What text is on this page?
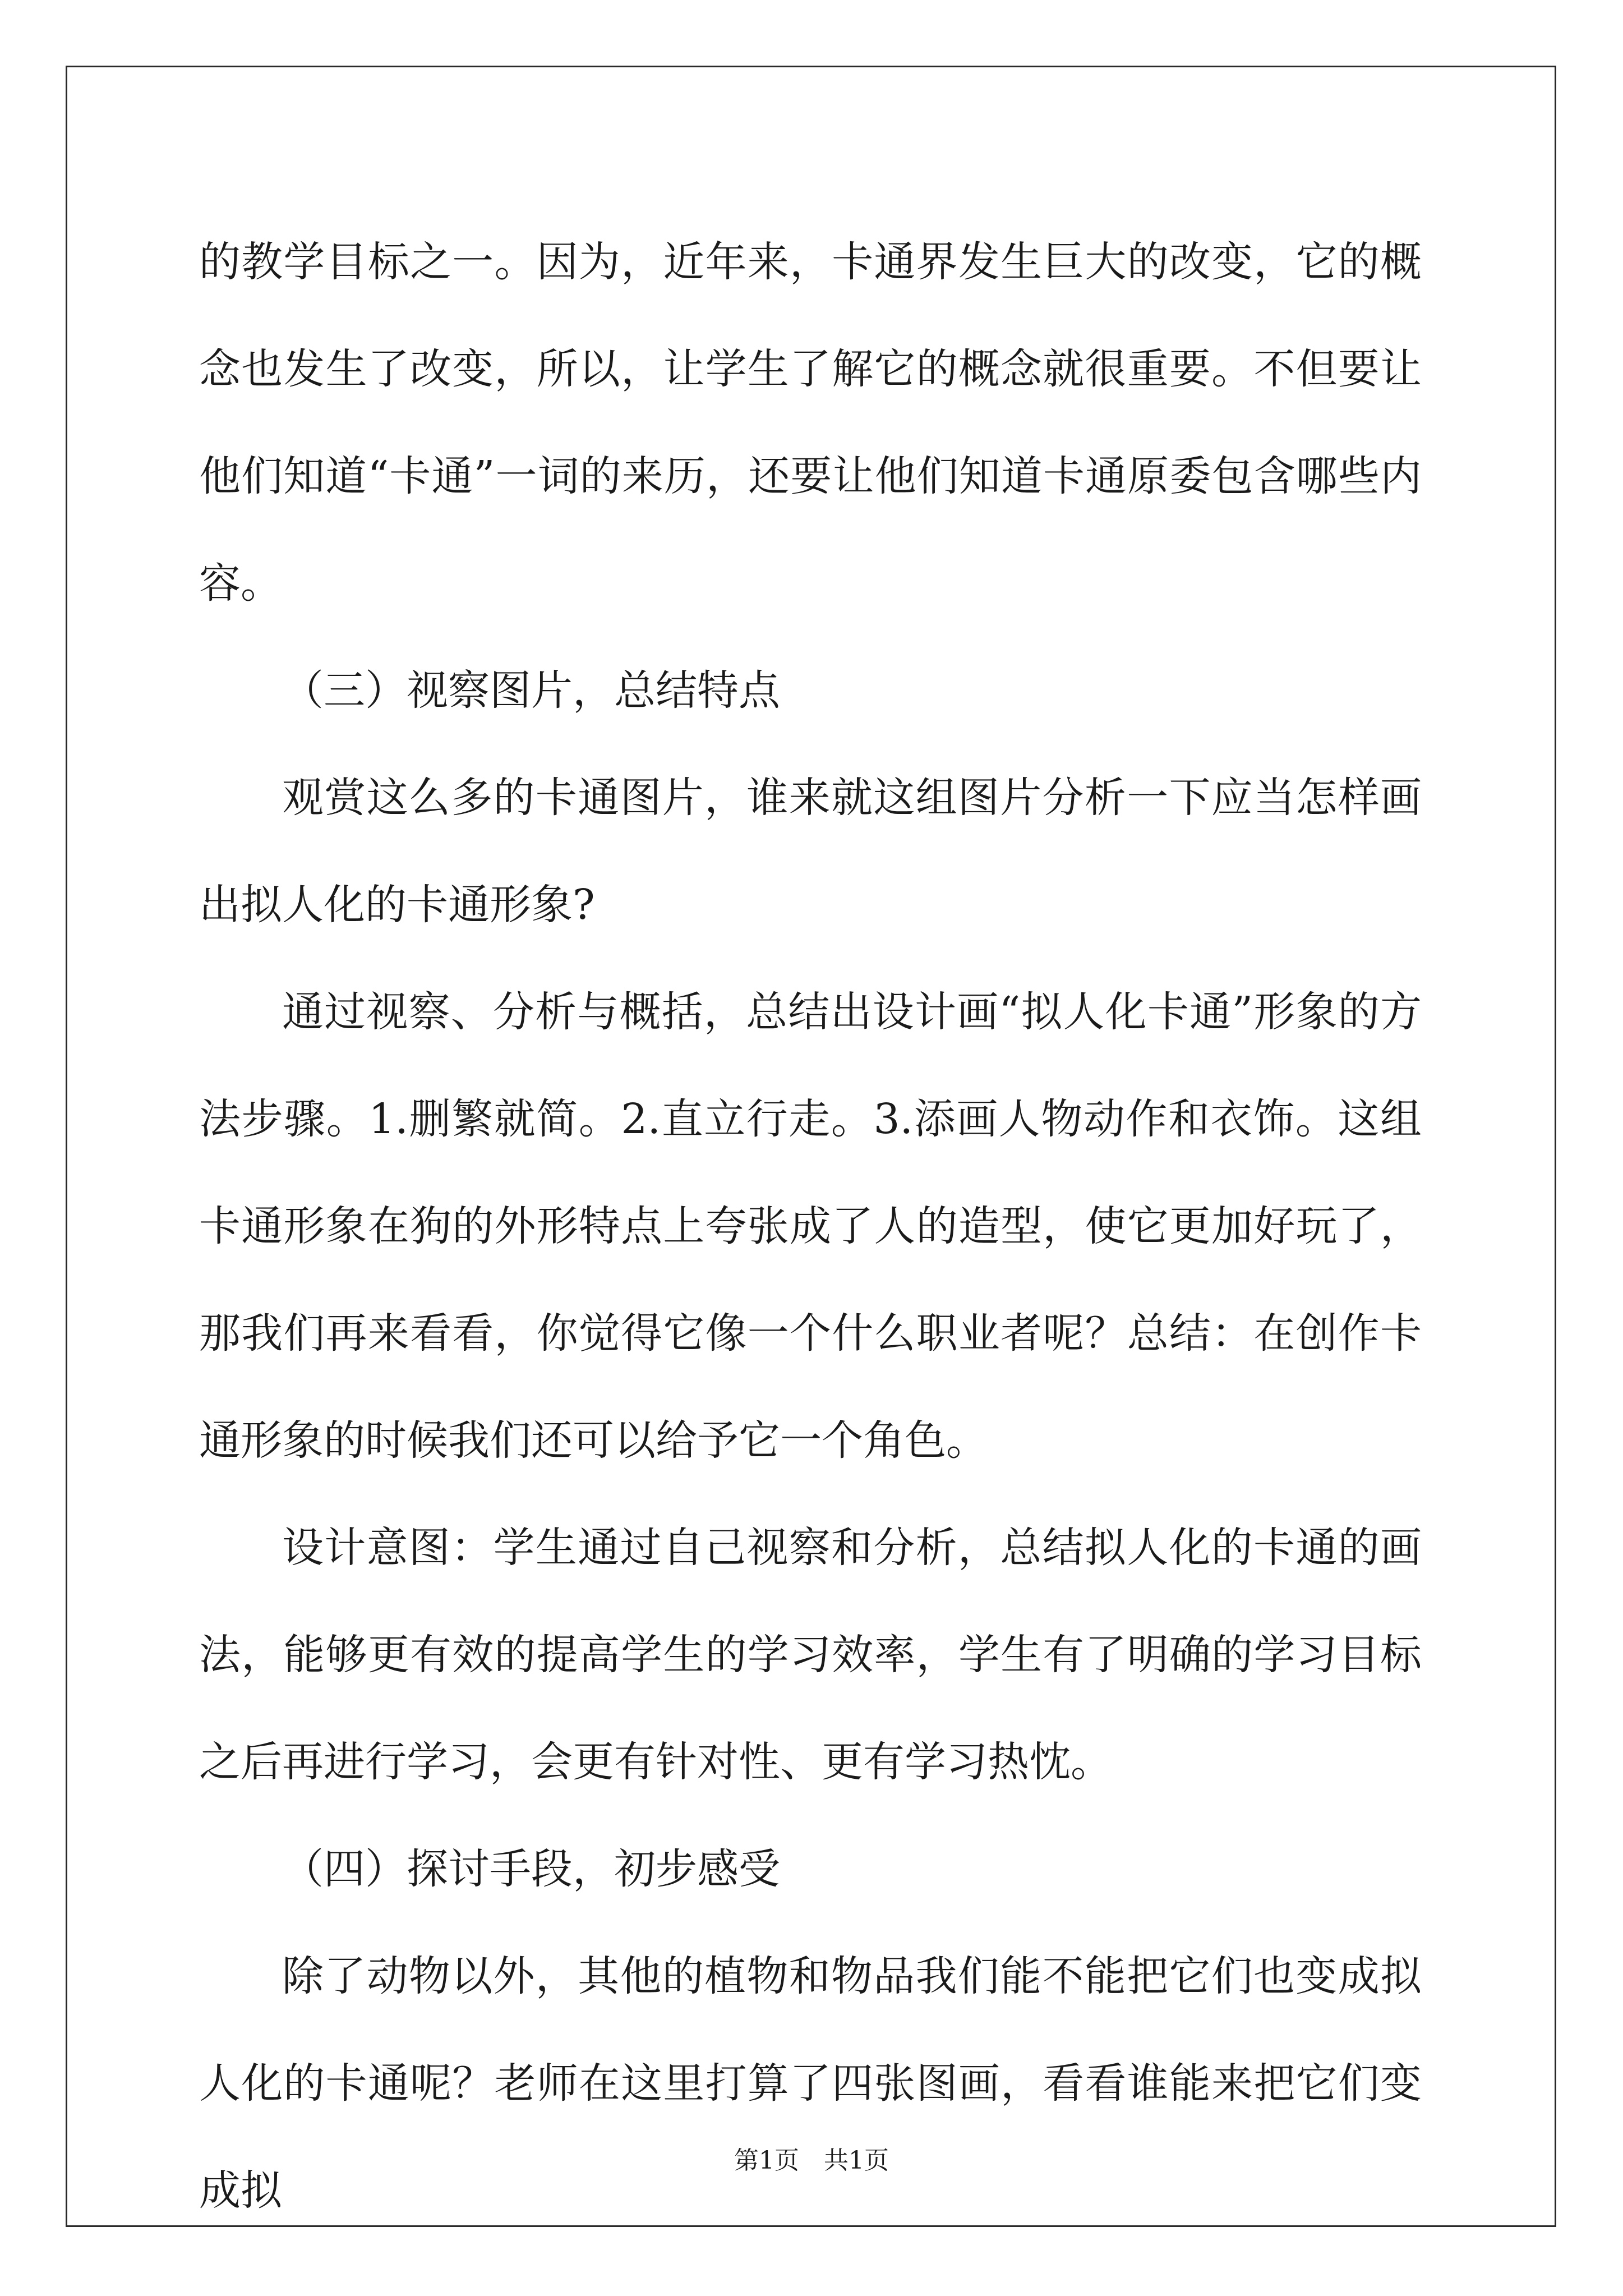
的教学目标之一。因为，近年来，卡通界发生巨大的改变，它的概念也发生了改变，所以，让学生了解它的概念就很重要。不但要让他们知道“卡通”一词的来历，还要让他们知道卡通原委包含哪些内容。

（三）视察图片，总结特点

观赏这么多的卡通图片，谁来就这组图片分析一下应当怎样画出拟人化的卡通形象?

通过视察、分析与概括，总结出设计画“拟人化卡通”形象的方法步骤。1.删繁就简。2.直立行走。3.添画人物动作和衣饰。这组卡通形象在狗的外形特点上夸张成了人的造型，使它更加好玩了，那我们再来看看，你觉得它像一个什么职业者呢？总结：在创作卡通形象的时候我们还可以给予它一个角色。

设计意图：学生通过自己视察和分析，总结拟人化的卡通的画法，能够更有效的提高学生的学习效率，学生有了明确的学习目标之后再进行学习，会更有针对性、更有学习热忱。

（四）探讨手段，初步感受

除了动物以外，其他的植物和物品我们能不能把它们也变成拟人化的卡通呢？老师在这里打算了四张图画，看看谁能来把它们变成拟

第1页　共1页
